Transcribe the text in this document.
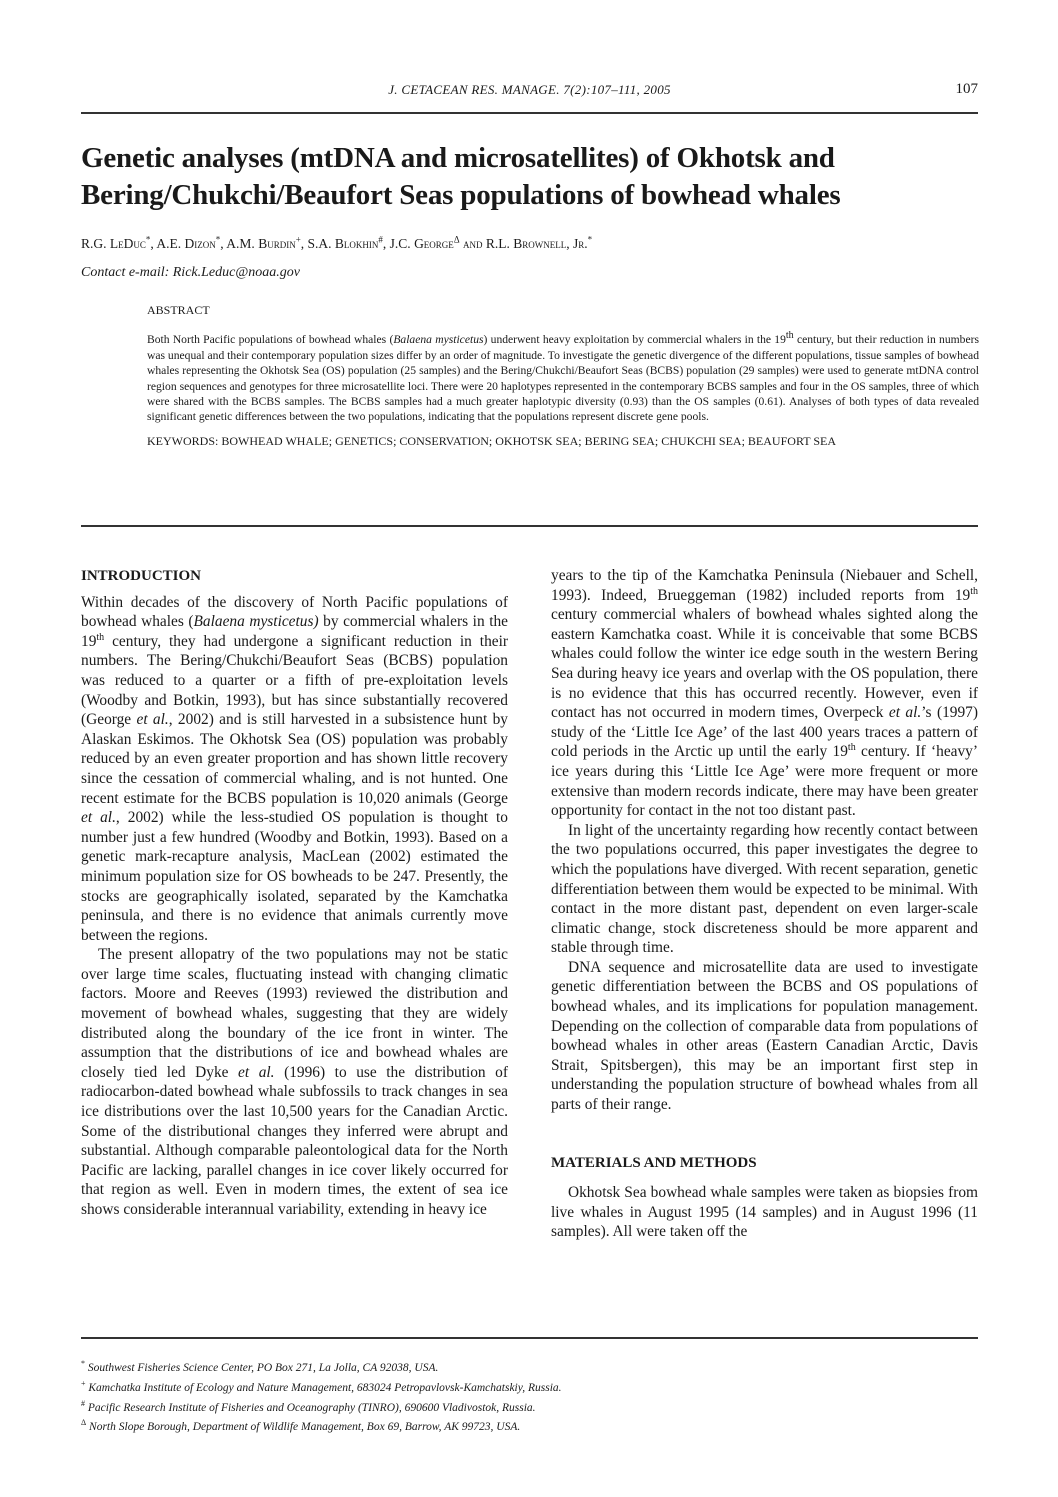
J. CETACEAN RES. MANAGE. 7(2):107–111, 2005	107
Genetic analyses (mtDNA and microsatellites) of Okhotsk and
Bering/Chukchi/Beaufort Seas populations of bowhead whales
R.G. LeDuc*, A.E. Dizon*, A.M. Burdin+, S.A. Blokhin#, J.C. George$^\Delta$ and R.L. Brownell, Jr.*
Contact e-mail: Rick.Leduc@noaa.gov
ABSTRACT
Both North Pacific populations of bowhead whales (Balaena mysticetus) underwent heavy exploitation by commercial whalers in the 19th century, but their reduction in numbers was unequal and their contemporary population sizes differ by an order of magnitude. To investigate the genetic divergence of the different populations, tissue samples of bowhead whales representing the Okhotsk Sea (OS) population (25 samples) and the Bering/Chukchi/Beaufort Seas (BCBS) population (29 samples) were used to generate mtDNA control region sequences and genotypes for three microsatellite loci. There were 20 haplotypes represented in the contemporary BCBS samples and four in the OS samples, three of which were shared with the BCBS samples. The BCBS samples had a much greater haplotypic diversity (0.93) than the OS samples (0.61). Analyses of both types of data revealed significant genetic differences between the two populations, indicating that the populations represent discrete gene pools.
KEYWORDS: BOWHEAD WHALE; GENETICS; CONSERVATION; OKHOTSK SEA; BERING SEA; CHUKCHI SEA; BEAUFORT SEA
INTRODUCTION

Within decades of the discovery of North Pacific populations of bowhead whales (Balaena mysticetus) by commercial whalers in the 19th century, they had undergone a significant reduction in their numbers. The Bering/Chukchi/Beaufort Seas (BCBS) population was reduced to a quarter or a fifth of pre-exploitation levels (Woodby and Botkin, 1993), but has since substantially recovered (George et al., 2002) and is still harvested in a subsistence hunt by Alaskan Eskimos. The Okhotsk Sea (OS) population was probably reduced by an even greater proportion and has shown little recovery since the cessation of commercial whaling, and is not hunted. One recent estimate for the BCBS population is 10,020 animals (George et al., 2002) while the less-studied OS population is thought to number just a few hundred (Woodby and Botkin, 1993). Based on a genetic mark-recapture analysis, MacLean (2002) estimated the minimum population size for OS bowheads to be 247. Presently, the stocks are geographically isolated, separated by the Kamchatka peninsula, and there is no evidence that animals currently move between the regions.

The present allopatry of the two populations may not be static over large time scales, fluctuating instead with changing climatic factors. Moore and Reeves (1993) reviewed the distribution and movement of bowhead whales, suggesting that they are widely distributed along the boundary of the ice front in winter. The assumption that the distributions of ice and bowhead whales are closely tied led Dyke et al. (1996) to use the distribution of radiocarbon-dated bowhead whale subfossils to track changes in sea ice distributions over the last 10,500 years for the Canadian Arctic. Some of the distributional changes they inferred were abrupt and substantial. Although comparable paleontological data for the North Pacific are lacking, parallel changes in ice cover likely occurred for that region as well. Even in modern times, the extent of sea ice shows considerable interannual variability, extending in heavy ice

years to the tip of the Kamchatka Peninsula (Niebauer and Schell, 1993). Indeed, Brueggeman (1982) included reports from 19th century commercial whalers of bowhead whales sighted along the eastern Kamchatka coast. While it is conceivable that some BCBS whales could follow the winter ice edge south in the western Bering Sea during heavy ice years and overlap with the OS population, there is no evidence that this has occurred recently. However, even if contact has not occurred in modern times, Overpeck et al.’s (1997) study of the ‘Little Ice Age’ of the last 400 years traces a pattern of cold periods in the Arctic up until the early 19th century. If ‘heavy’ ice years during this ‘Little Ice Age’ were more frequent or more extensive than modern records indicate, there may have been greater opportunity for contact in the not too distant past.

In light of the uncertainty regarding how recently contact between the two populations occurred, this paper investigates the degree to which the populations have diverged. With recent separation, genetic differentiation between them would be expected to be minimal. With contact in the more distant past, dependent on even larger-scale climatic change, stock discreteness should be more apparent and stable through time.

DNA sequence and microsatellite data are used to investigate genetic differentiation between the BCBS and OS populations of bowhead whales, and its implications for population management. Depending on the collection of comparable data from populations of bowhead whales in other areas (Eastern Canadian Arctic, Davis Strait, Spitsbergen), this may be an important first step in understanding the population structure of bowhead whales from all parts of their range.

MATERIALS AND METHODS

Okhotsk Sea bowhead whale samples were taken as biopsies from live whales in August 1995 (14 samples) and in August 1996 (11 samples). All were taken off the

* Southwest Fisheries Science Center, PO Box 271, La Jolla, CA 92038, USA.
+ Kamchatka Institute of Ecology and Nature Management, 683024 Petropavlovsk-Kamchatskiy, Russia.
# Pacific Research Institute of Fisheries and Oceanography (TINRO), 690600 Vladivostok, Russia.
$^\Delta$ North Slope Borough, Department of Wildlife Management, Box 69, Barrow, AK 99723, USA.
